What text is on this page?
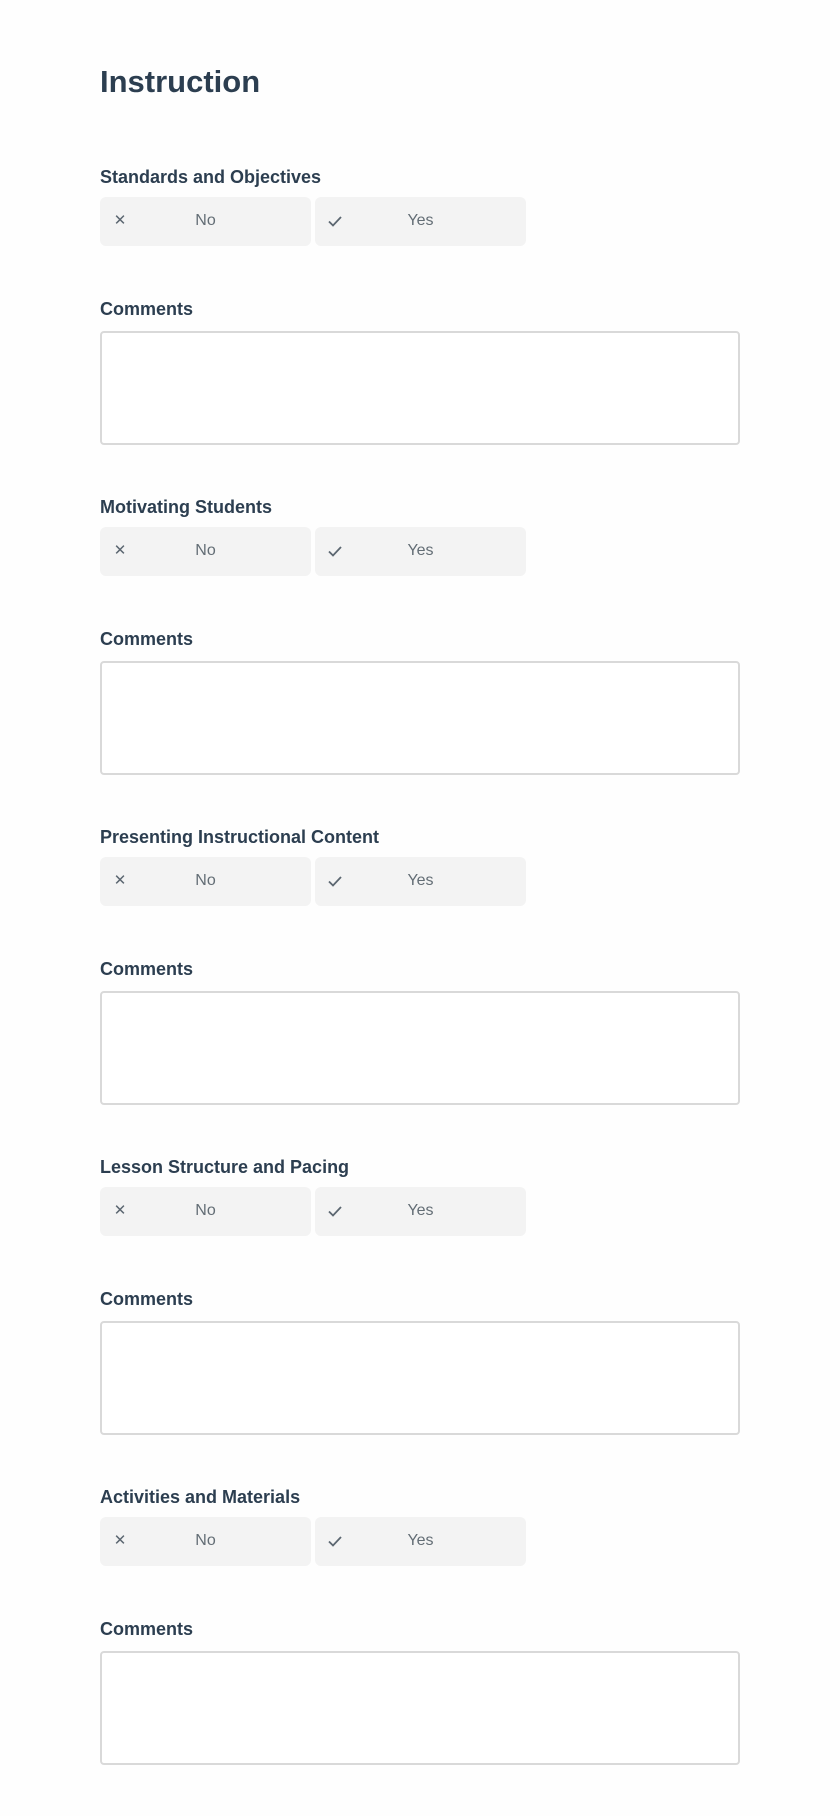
Instruction
Standards and Objectives
✕	No	Yes
Comments
Motivating Students
✕	No	Yes
Comments
Presenting Instructional Content
✕	No	Yes
Comments
Lesson Structure and Pacing
✕	No	Yes
Comments
Activities and Materials
✕	No	Yes
Comments
